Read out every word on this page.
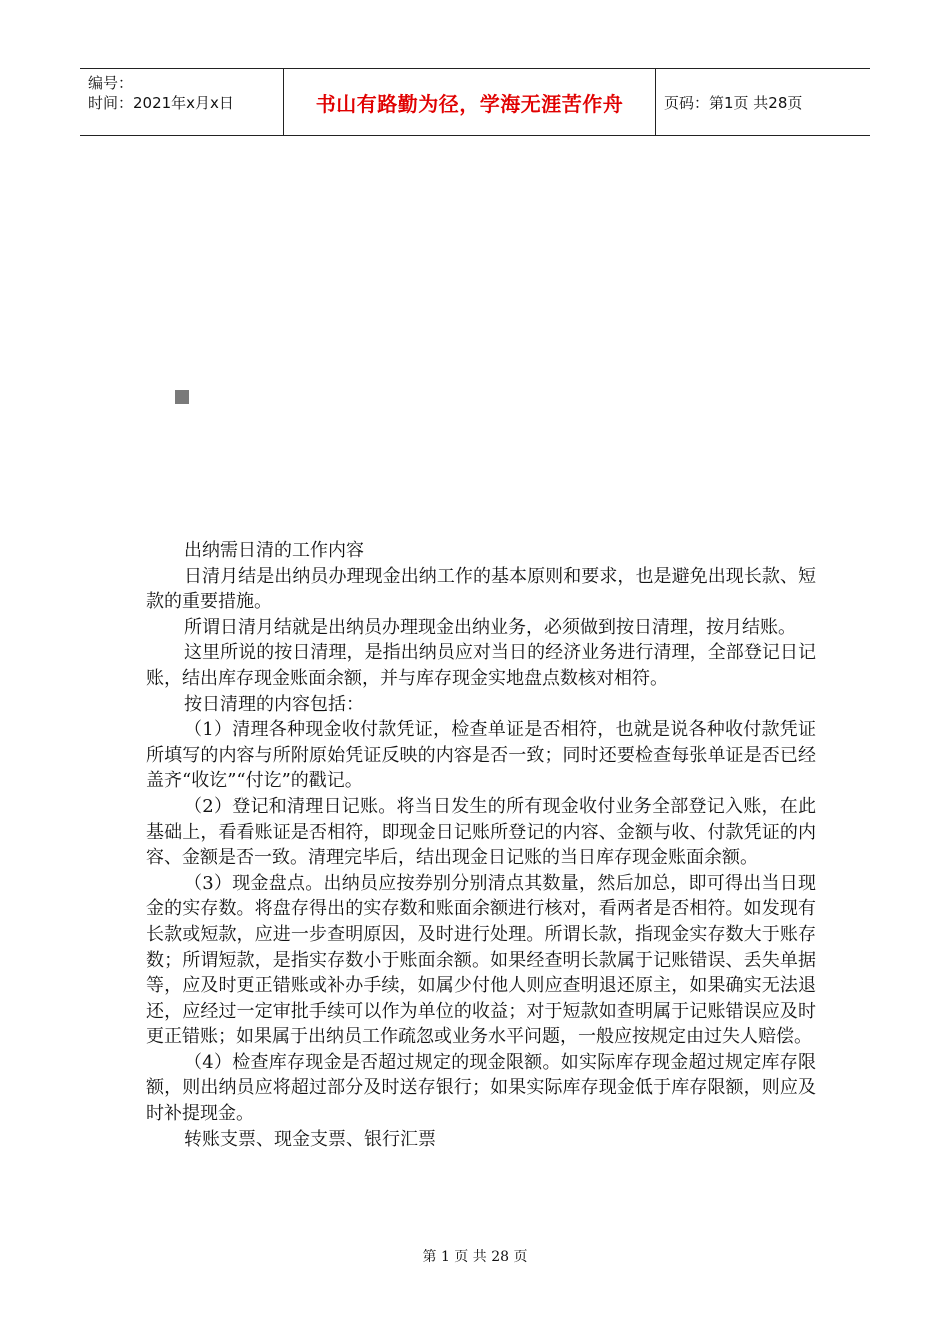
编号：
时间：2021年x月x日	书山有路勤为径，学海无涯苦作舟	页码：第1页 共28页

出纳需日清的工作内容

日清月结是出纳员办理现金出纳工作的基本原则和要求，也是避免出现长款、短款的重要措施。

所谓日清月结就是出纳员办理现金出纳业务，必须做到按日清理，按月结账。

这里所说的按日清理，是指出纳员应对当日的经济业务进行清理，全部登记日记账，结出库存现金账面余额，并与库存现金实地盘点数核对相符。

按日清理的内容包括：

（1）清理各种现金收付款凭证，检查单证是否相符，也就是说各种收付款凭证所填写的内容与所附原始凭证反映的内容是否一致；同时还要检查每张单证是否已经盖齐“收讫”“付讫”的戳记。

（2）登记和清理日记账。将当日发生的所有现金收付业务全部登记入账，在此基础上，看看账证是否相符，即现金日记账所登记的内容、金额与收、付款凭证的内容、金额是否一致。清理完毕后，结出现金日记账的当日库存现金账面余额。

（3）现金盘点。出纳员应按券别分别清点其数量，然后加总，即可得出当日现金的实存数。将盘存得出的实存数和账面余额进行核对，看两者是否相符。如发现有长款或短款，应进一步查明原因，及时进行处理。所谓长款，指现金实存数大于账存数；所谓短款，是指实存数小于账面余额。如果经查明长款属于记账错误、丢失单据等，应及时更正错账或补办手续，如属少付他人则应查明退还原主，如果确实无法退还，应经过一定审批手续可以作为单位的收益；对于短款如查明属于记账错误应及时更正错账；如果属于出纳员工作疏忽或业务水平问题，一般应按规定由过失人赔偿。

（4）检查库存现金是否超过规定的现金限额。如实际库存现金超过规定库存限额，则出纳员应将超过部分及时送存银行；如果实际库存现金低于库存限额，则应及时补提现金。

转账支票、现金支票、银行汇票

第 1 页 共 28 页
